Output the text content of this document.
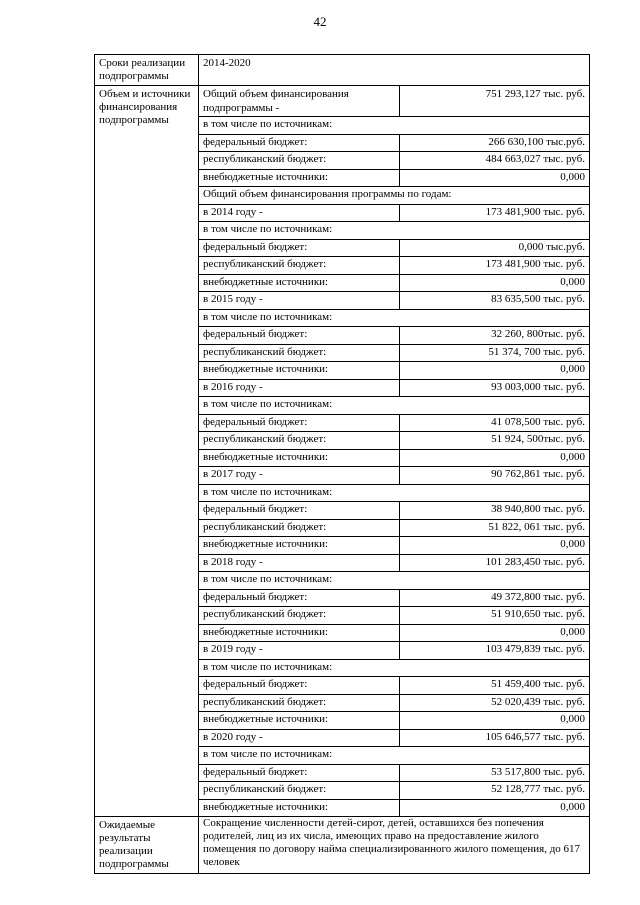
42
Сроки реализации подпрограммы	2014-2020
Объем и источники финансирования подпрограммы	
Общий объем финансирования подпрограммы -	751 293,127 тыс. руб.
в том числе по источникам:
федеральный бюджет:	266 630,100 тыс.руб.
республиканский бюджет:	484 663,027 тыс. руб.
внебюджетные источники:	0,000
Общий объем финансирования программы по годам:
в 2014 году -	173 481,900 тыс. руб.
в том числе по источникам:
федеральный бюджет:	0,000 тыс.руб.
республиканский бюджет:	173 481,900 тыс. руб.
внебюджетные источники:	0,000
в 2015 году -	83 635,500 тыс. руб.
в том числе по источникам:
федеральный бюджет:	32 260, 800тыс. руб.
республиканский бюджет:	51 374, 700 тыс. руб.
внебюджетные источники:	0,000
в 2016 году -	93 003,000 тыс. руб.
в том числе по источникам:
федеральный бюджет:	41 078,500 тыс. руб.
республиканский бюджет:	51 924, 500тыс. руб.
внебюджетные источники:	0,000
в 2017 году -	90 762,861 тыс. руб.
в том числе по источникам:
федеральный бюджет:	38 940,800 тыс. руб.
республиканский бюджет:	51 822, 061 тыс. руб.
внебюджетные источники:	0,000
в 2018 году -	101 283,450 тыс. руб.
в том числе по источникам:
федеральный бюджет:	49 372,800 тыс. руб.
республиканский бюджет:	51 910,650 тыс. руб.
внебюджетные источники:	0,000
в 2019 году -	103 479,839 тыс. руб.
в том числе по источникам:
федеральный бюджет:	51 459,400 тыс. руб.
республиканский бюджет:	52 020,439 тыс. руб.
внебюджетные источники:	0,000
в 2020 году -	105 646,577 тыс. руб.
в том числе по источникам:
федеральный бюджет:	53 517,800 тыс. руб.
республиканский бюджет:	52 128,777 тыс. руб.
внебюджетные источники:	0,000

Ожидаемые результаты реализации подпрограммы	Сокращение численности детей-сирот, детей, оставшихся без попечения родителей, лиц из их числа, имеющих право на предоставление жилого помещения по договору найма специализированного жилого помещения, до 617 человек
